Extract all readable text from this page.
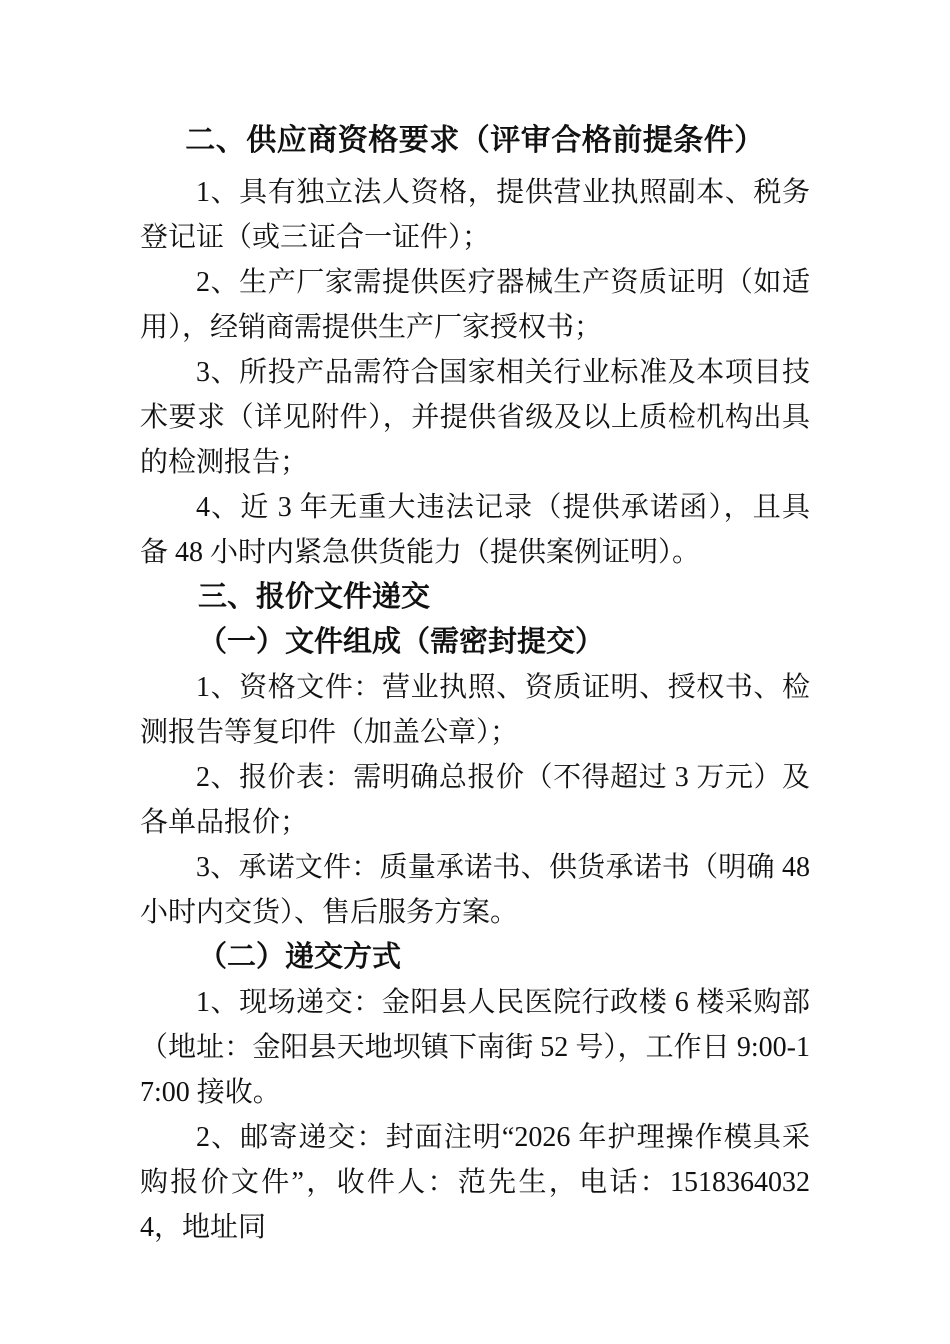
二、供应商资格要求（评审合格前提条件）

1、具有独立法人资格，提供营业执照副本、税务登记证（或三证合一证件）；

2、生产厂家需提供医疗器械生产资质证明（如适用），经销商需提供生产厂家授权书；

3、所投产品需符合国家相关行业标准及本项目技术要求（详见附件），并提供省级及以上质检机构出具的检测报告；

4、近 3 年无重大违法记录（提供承诺函），且具备 48 小时内紧急供货能力（提供案例证明）。

三、报价文件递交
（一）文件组成（需密封提交）

1、资格文件：营业执照、资质证明、授权书、检测报告等复印件（加盖公章）；

2、报价表：需明确总报价（不得超过 3 万元）及各单品报价；

3、承诺文件：质量承诺书、供货承诺书（明确 48 小时内交货）、售后服务方案。

（二）递交方式

1、现场递交：金阳县人民医院行政楼 6 楼采购部（地址：金阳县天地坝镇下南街 52 号），工作日 9:00-17:00 接收。

2、邮寄递交：封面注明“2026 年护理操作模具采购报价文件”，收件人：范先生，电话：15183640324，地址同
